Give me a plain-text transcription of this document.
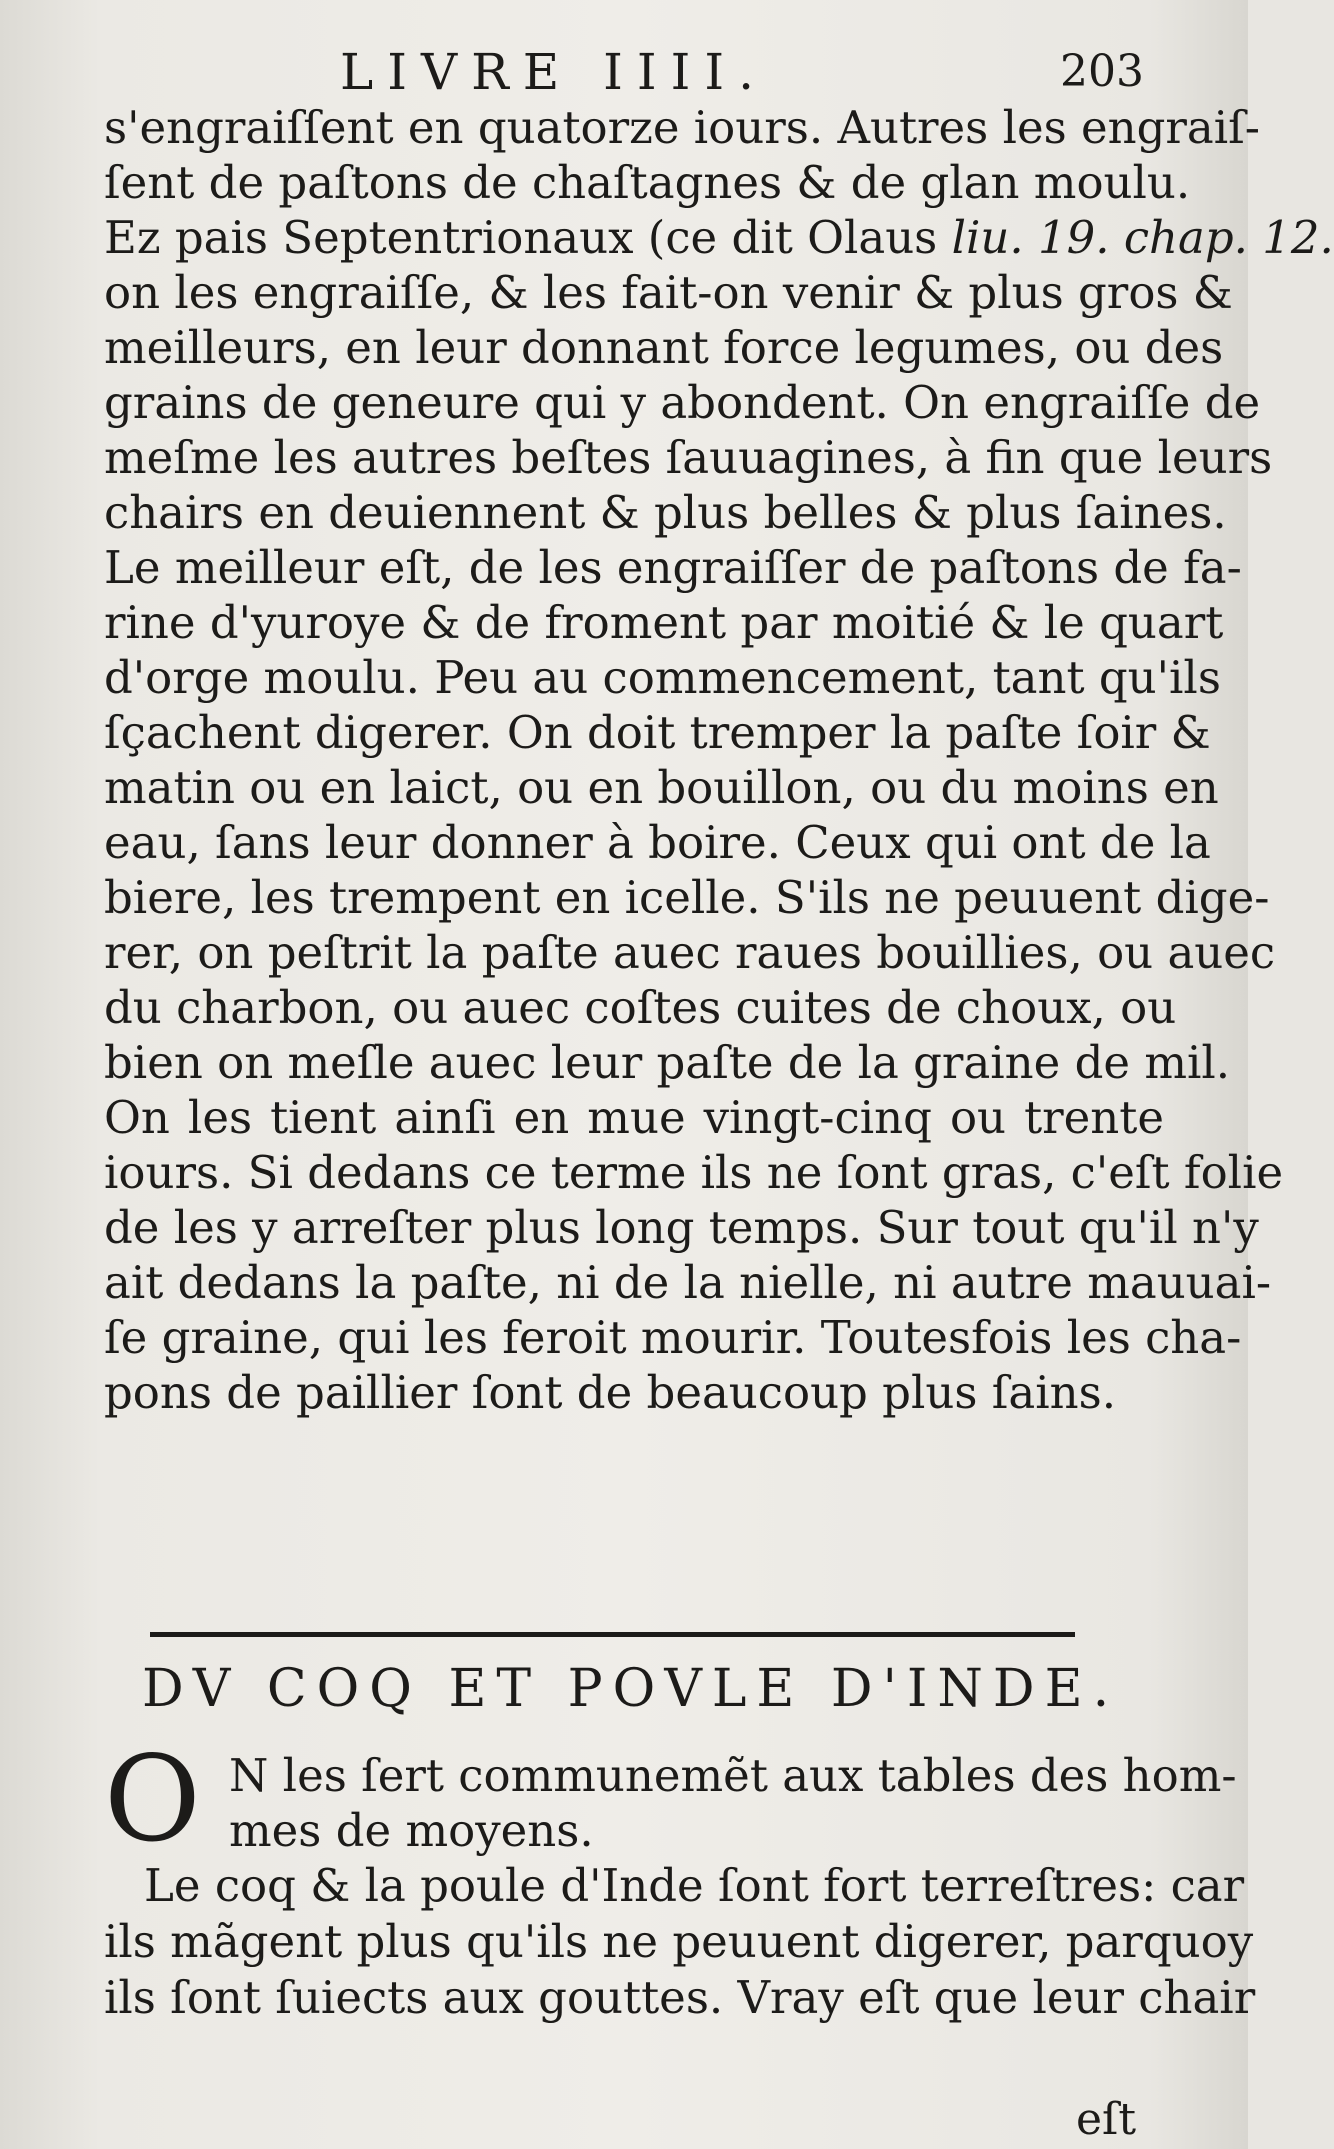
LIVRE IIII.	203
s'engraiſſent en quatorze iours. Autres les engraiſ-
ſent de paſtons de chaſtagnes & de glan moulu.
Ez pais Septentrionaux (ce dit Olaus liu. 19. chap. 12.
on les engraiſſe, & les fait-on venir & plus gros &
meilleurs, en leur donnant force legumes, ou des
grains de geneure qui y abondent. On engraiſſe de
meſme les autres beſtes ſauuagines, à fin que leurs
chairs en deuiennent & plus belles & plus ſaines.
Le meilleur eſt, de les engraiſſer de paſtons de fa-
rine d'yuroye & de froment par moitié & le quart
d'orge moulu. Peu au commencement, tant qu'ils
ſçachent digerer. On doit tremper la paſte ſoir &
matin ou en laict, ou en bouillon, ou du moins en
eau, ſans leur donner à boire. Ceux qui ont de la
biere, les trempent en icelle. S'ils ne peuuent dige-
rer, on peſtrit la paſte auec raues bouillies, ou auec
du charbon, ou auec coſtes cuites de choux, ou
bien on meſle auec leur paſte de la graine de mil.
On les tient ainſi en mue vingt-cinq ou trente
iours. Si dedans ce terme ils ne ſont gras, c'eſt folie
de les y arreſter plus long temps. Sur tout qu'il n'y
ait dedans la paſte, ni de la nielle, ni autre mauuai-
ſe graine, qui les feroit mourir. Toutesfois les cha-
pons de paillier ſont de beaucoup plus ſains.
DV COQ ET POVLE D'INDE.
O N les ſert communemẽt aux tables des hom-
mes de moyens.
Le coq & la poule d'Inde ſont fort terreſtres: car
ils mãgent plus qu'ils ne peuuent digerer, parquoy
ils ſont ſuiects aux gouttes. Vray eſt que leur chair
eſt
